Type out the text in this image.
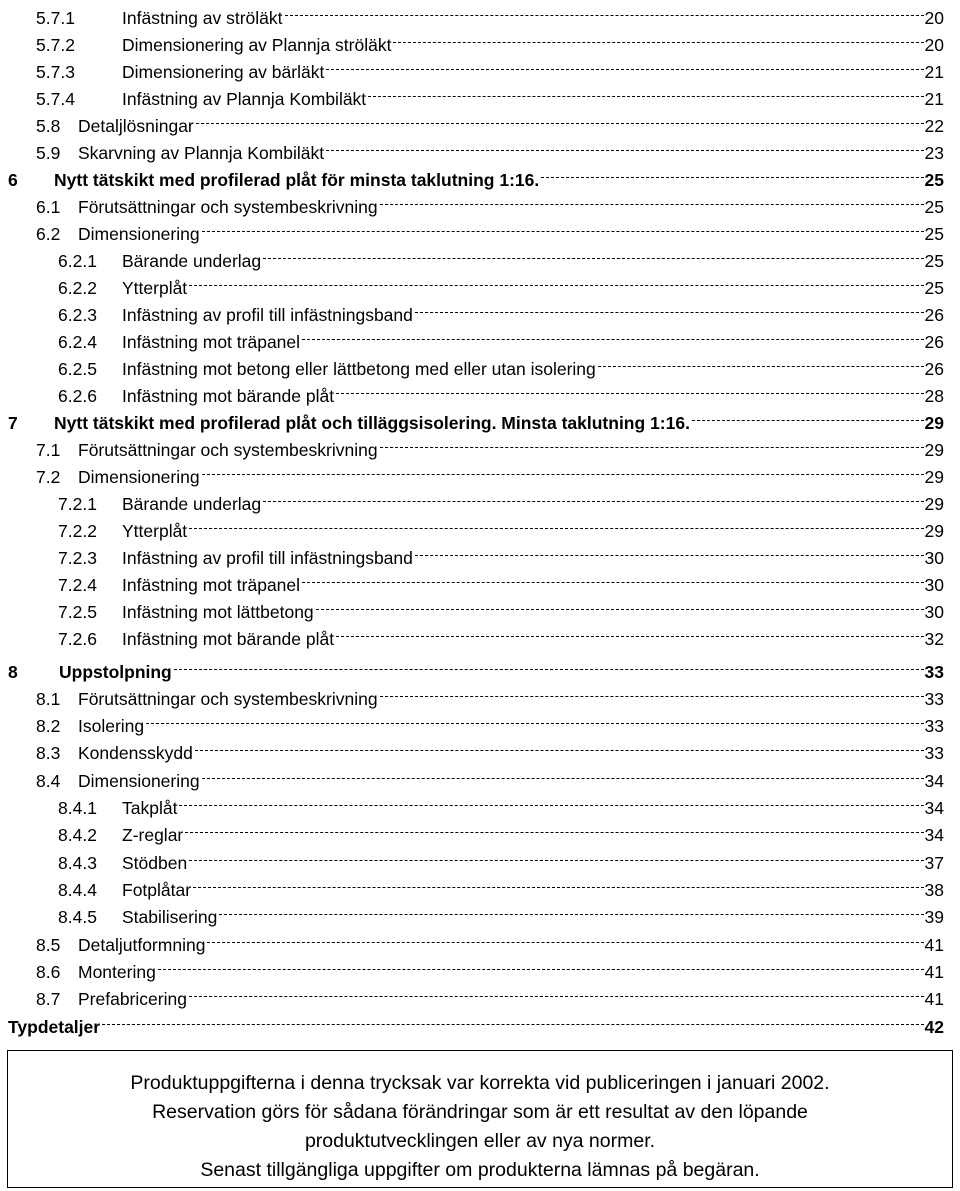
5.7.1	Infästning av ströläkt	20
5.7.2	Dimensionering av Plannja ströläkt	20
5.7.3	Dimensionering av bärläkt	21
5.7.4	Infästning av Plannja Kombiläkt	21
5.8	Detaljlösningar	22
5.9	Skarvning av Plannja Kombiläkt	23
6	Nytt tätskikt med profilerad plåt för minsta taklutning 1:16.	25
6.1	Förutsättningar och systembeskrivning	25
6.2	Dimensionering	25
6.2.1	Bärande underlag	25
6.2.2	Ytterplåt	25
6.2.3	Infästning av profil till infästningsband	26
6.2.4	Infästning mot träpanel	26
6.2.5	Infästning mot betong eller lättbetong med eller utan isolering	26
6.2.6	Infästning mot bärande plåt	28
7	Nytt tätskikt med profilerad plåt och tilläggsisolering. Minsta taklutning 1:16.	29
7.1	Förutsättningar och systembeskrivning	29
7.2	Dimensionering	29
7.2.1	Bärande underlag	29
7.2.2	Ytterplåt	29
7.2.3	Infästning av profil till infästningsband	30
7.2.4	Infästning mot träpanel	30
7.2.5	Infästning mot lättbetong	30
7.2.6	Infästning mot bärande plåt	32
8	Uppstolpning	33
8.1	Förutsättningar och systembeskrivning	33
8.2	Isolering	33
8.3	Kondensskydd	33
8.4	Dimensionering	34
8.4.1	Takplåt	34
8.4.2	Z-reglar	34
8.4.3	Stödben	37
8.4.4	Fotplåtar	38
8.4.5	Stabilisering	39
8.5	Detaljutformning	41
8.6	Montering	41
8.7	Prefabricering	41
Typdetaljer	42

Produktuppgifterna i denna trycksak var korrekta vid publiceringen i januari 2002.

Reservation görs för sådana förändringar som är ett resultat av den löpande

produktutvecklingen eller av nya normer.

Senast tillgängliga uppgifter om produkterna lämnas på begäran.
